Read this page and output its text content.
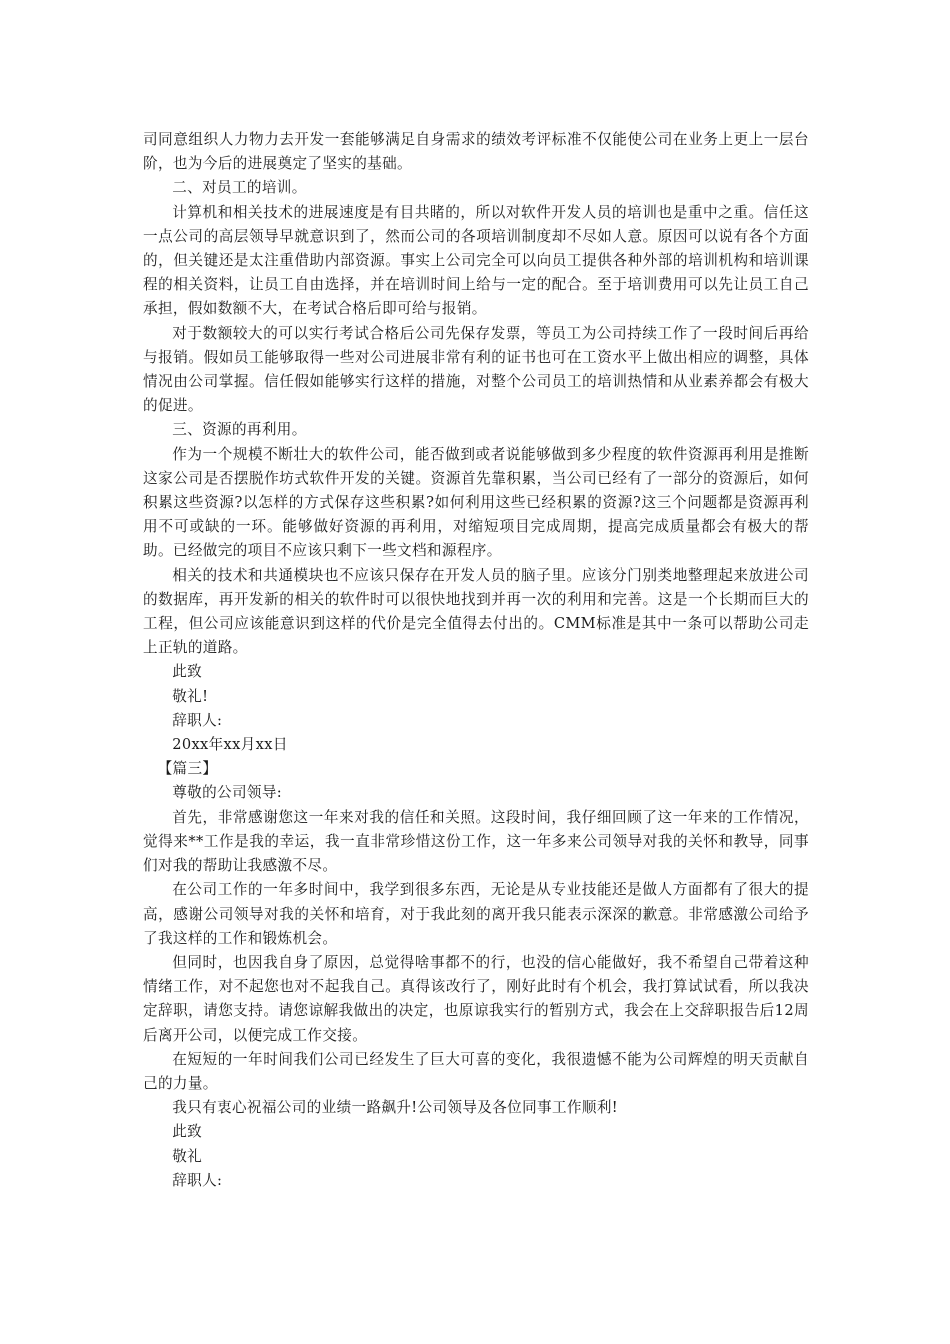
司同意组织人力物力去开发一套能够满足自身需求的绩效考评标准不仅能使公司在业务上更上一层台阶，也为今后的进展奠定了坚实的基础。

二、对员工的培训。

计算机和相关技术的进展速度是有目共睹的，所以对软件开发人员的培训也是重中之重。信任这一点公司的高层领导早就意识到了，然而公司的各项培训制度却不尽如人意。原因可以说有各个方面的，但关键还是太注重借助内部资源。事实上公司完全可以向员工提供各种外部的培训机构和培训课程的相关资料，让员工自由选择，并在培训时间上给与一定的配合。至于培训费用可以先让员工自己承担，假如数额不大，在考试合格后即可给与报销。

对于数额较大的可以实行考试合格后公司先保存发票，等员工为公司持续工作了一段时间后再给与报销。假如员工能够取得一些对公司进展非常有利的证书也可在工资水平上做出相应的调整，具体情况由公司掌握。信任假如能够实行这样的措施，对整个公司员工的培训热情和从业素养都会有极大的促进。

三、资源的再利用。

作为一个规模不断壮大的软件公司，能否做到或者说能够做到多少程度的软件资源再利用是推断这家公司是否摆脱作坊式软件开发的关键。资源首先靠积累，当公司已经有了一部分的资源后，如何积累这些资源?以怎样的方式保存这些积累?如何利用这些已经积累的资源?这三个问题都是资源再利用不可或缺的一环。能够做好资源的再利用，对缩短项目完成周期，提高完成质量都会有极大的帮助。已经做完的项目不应该只剩下一些文档和源程序。

相关的技术和共通模块也不应该只保存在开发人员的脑子里。应该分门别类地整理起来放进公司的数据库，再开发新的相关的软件时可以很快地找到并再一次的利用和完善。这是一个长期而巨大的工程，但公司应该能意识到这样的代价是完全值得去付出的。CMM标准是其中一条可以帮助公司走上正轨的道路。

此致

敬礼!

辞职人:

20xx年xx月xx日

【篇三】

尊敬的公司领导:

首先，非常感谢您这一年来对我的信任和关照。这段时间，我仔细回顾了这一年来的工作情况，觉得来**工作是我的幸运，我一直非常珍惜这份工作，这一年多来公司领导对我的关怀和教导，同事们对我的帮助让我感激不尽。

在公司工作的一年多时间中，我学到很多东西，无论是从专业技能还是做人方面都有了很大的提高，感谢公司领导对我的关怀和培育，对于我此刻的离开我只能表示深深的歉意。非常感激公司给予了我这样的工作和锻炼机会。

但同时，也因我自身了原因，总觉得啥事都不的行，也没的信心能做好，我不希望自己带着这种情绪工作，对不起您也对不起我自己。真得该改行了，刚好此时有个机会，我打算试试看，所以我决定辞职，请您支持。请您谅解我做出的决定，也原谅我实行的暂别方式，我会在上交辞职报告后12周后离开公司，以便完成工作交接。

在短短的一年时间我们公司已经发生了巨大可喜的变化，我很遗憾不能为公司辉煌的明天贡献自己的力量。

我只有衷心祝福公司的业绩一路飙升!公司领导及各位同事工作顺利!

此致

敬礼

辞职人:
